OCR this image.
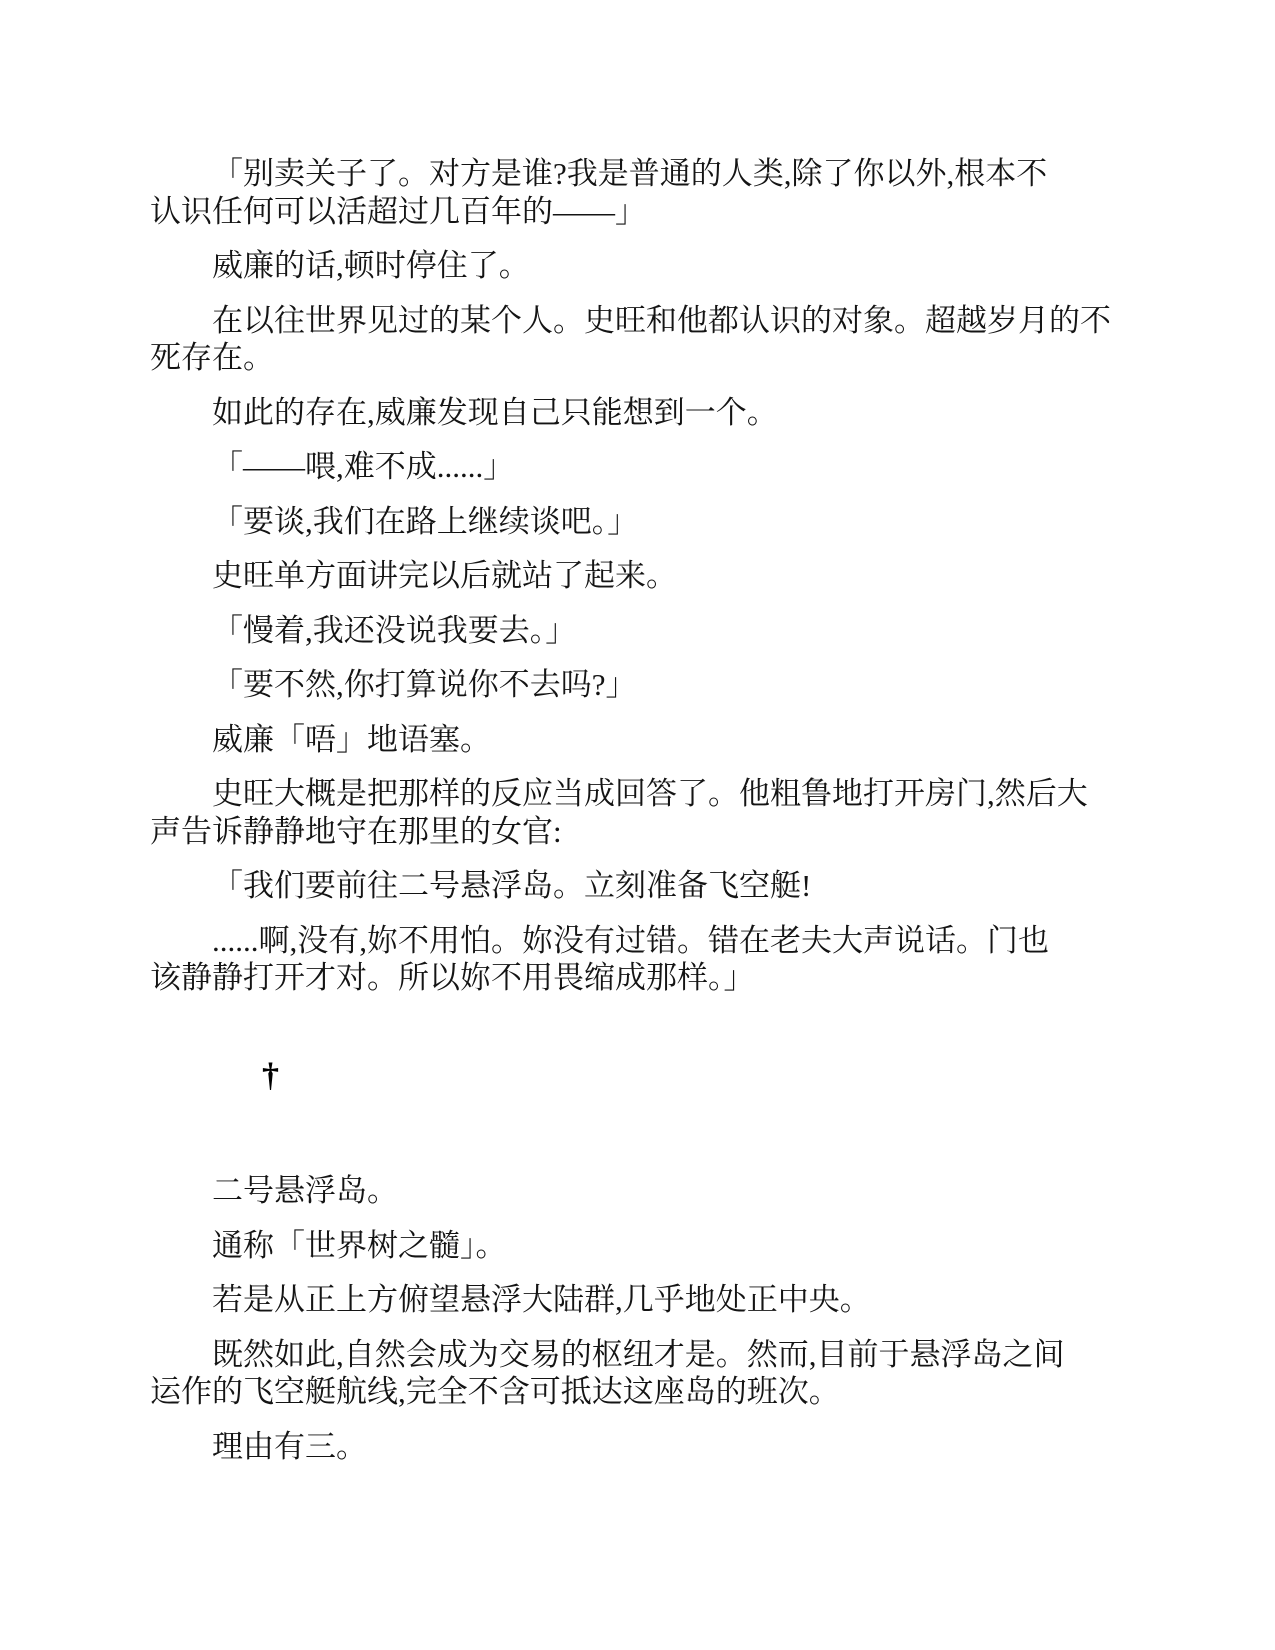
「别卖关子了。对方是谁?我是普通的人类,除了你以外,根本不
认识任何可以活超过几百年的——」

威廉的话,顿时停住了。

在以往世界见过的某个人。史旺和他都认识的对象。超越岁月的不
死存在。

如此的存在,威廉发现自己只能想到一个。

「——喂,难不成......」

「要谈,我们在路上继续谈吧。」

史旺单方面讲完以后就站了起来。

「慢着,我还没说我要去。」

「要不然,你打算说你不去吗?」

威廉「唔」地语塞。

史旺大概是把那样的反应当成回答了。他粗鲁地打开房门,然后大
声告诉静静地守在那里的女官:

「我们要前往二号悬浮岛。立刻准备飞空艇!

......啊,没有,妳不用怕。妳没有过错。错在老夫大声说话。门也
该静静打开才对。所以妳不用畏缩成那样。」

†

二号悬浮岛。

通称「世界树之髓」。

若是从正上方俯望悬浮大陆群,几乎地处正中央。

既然如此,自然会成为交易的枢纽才是。然而,目前于悬浮岛之间
运作的飞空艇航线,完全不含可抵达这座岛的班次。

理由有三。
